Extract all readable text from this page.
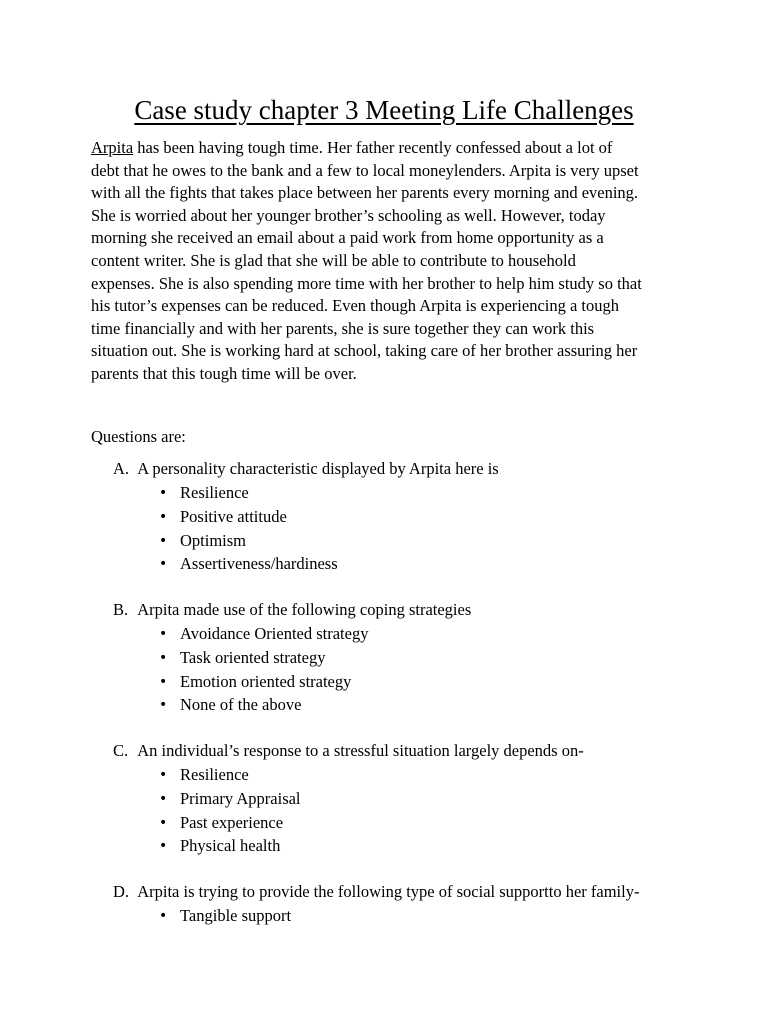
Case study chapter 3 Meeting Life Challenges
Arpita has been having tough time. Her father recently confessed about a lot of
debt that he owes to the bank and a few to local moneylenders. Arpita is very upset
with all the fights that takes place between her parents every morning and evening.
She is worried about her younger brother’s schooling as well. However, today
morning she received an email about a paid work from home opportunity as a
content writer. She is glad that she will be able to contribute to household
expenses. She is also spending more time with her brother to help him study so that
his tutor’s expenses can be reduced. Even though Arpita is experiencing a tough
time financially and with her parents, she is sure together they can work this
situation out. She is working hard at school, taking care of her brother assuring her
parents that this tough time will be over.
Questions are:
A. A personality characteristic displayed by Arpita here is
• Resilience
• Positive attitude
• Optimism
• Assertiveness/hardiness
B. Arpita made use of the following coping strategies
• Avoidance Oriented strategy
• Task oriented strategy
• Emotion oriented strategy
• None of the above
C. An individual’s response to a stressful situation largely depends on-
• Resilience
• Primary Appraisal
• Past experience
• Physical health
D. Arpita is trying to provide the following type of social supportto her family-
• Tangible support
